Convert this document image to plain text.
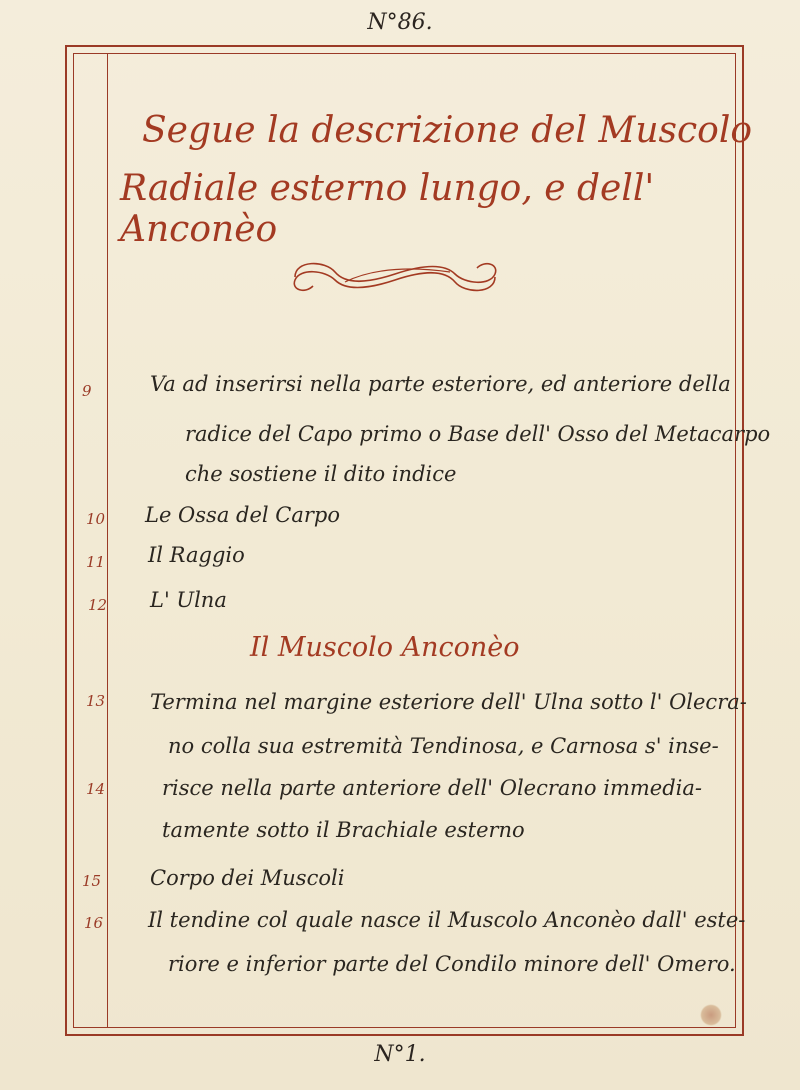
N°86.
Segue la descrizione del Muscolo
Radiale esterno lungo, e dell' Anconèo
9	Va ad inserirsi nella parte esteriore, ed anteriore della
radice del Capo primo o Base dell' Osso del Metacarpo
che sostiene il dito indice
10 Le Ossa del Carpo
11 Il Raggio
12 L' Ulna
Il Muscolo Anconèo
13 Termina nel margine esteriore dell' Ulna sotto l' Olecra-
no colla sua estremità Tendinosa, e Carnosa s' inse-
14	risce nella parte anteriore dell' Olecrano immedia-
tamente sotto il Brachiale esterno
15 Corpo dei Muscoli
16 Il tendine col quale nasce il Muscolo Anconèo dall' este-
riore e inferior parte del Condilo minore dell' Omero.
N°1.
